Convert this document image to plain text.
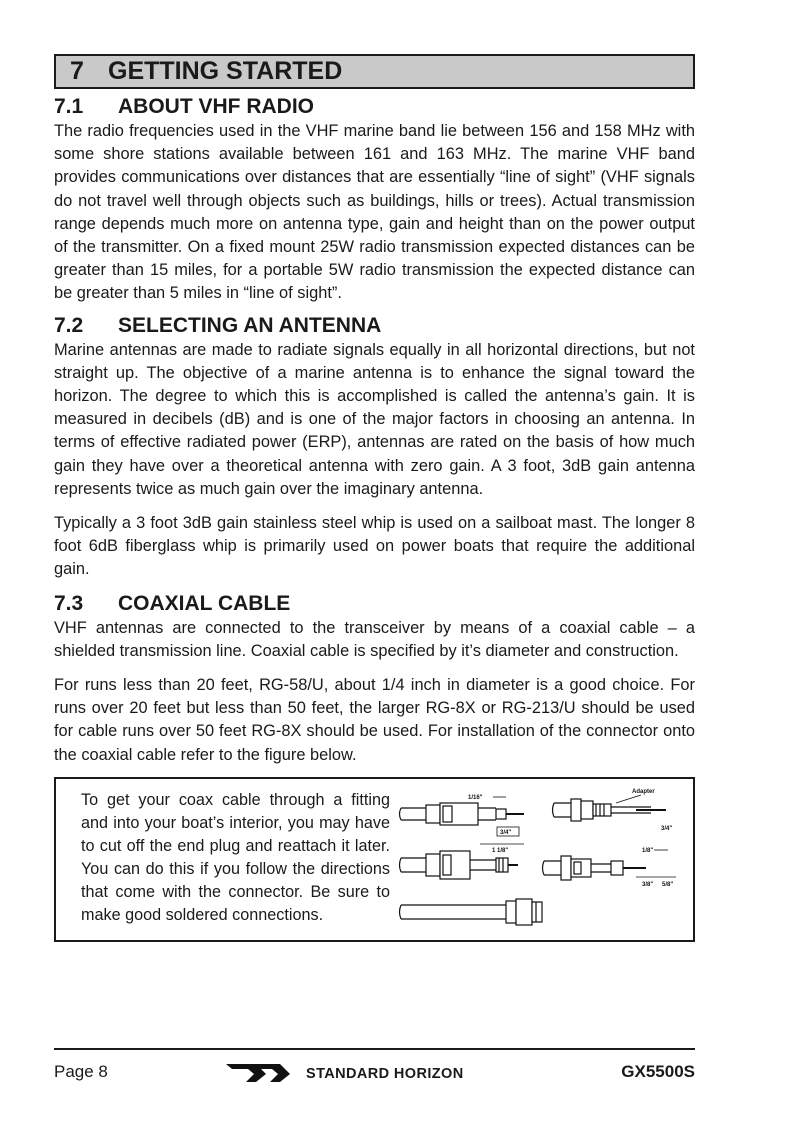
7 GETTING STARTED
7.1 ABOUT VHF RADIO

The radio frequencies used in the VHF marine band lie between 156 and 158 MHz with some shore stations available between 161 and 163 MHz. The marine VHF band provides communications over distances that are essentially “line of sight” (VHF signals do not travel well through objects such as buildings, hills or trees). Actual transmission range depends much more on antenna type, gain and height than on the power output of the transmitter. On a fixed mount 25W radio transmission expected distances can be greater than 15 miles, for a portable 5W radio transmission the expected distance can be greater than 5 miles in “line of sight”.

7.2 SELECTING AN ANTENNA

Marine antennas are made to radiate signals equally in all horizontal directions, but not straight up. The objective of a marine antenna is to enhance the signal toward the horizon. The degree to which this is accomplished is called the antenna’s gain. It is measured in decibels (dB) and is one of the major factors in choosing an antenna. In terms of effective radiated power (ERP), antennas are rated on the basis of how much gain they have over a theoretical antenna with zero gain. A 3 foot, 3dB gain antenna represents twice as much gain over the imaginary antenna.

Typically a 3 foot 3dB gain stainless steel whip is used on a sailboat mast. The longer 8 foot 6dB fiberglass whip is primarily used on power boats that require the additional gain.

7.3 COAXIAL CABLE

VHF antennas are connected to the transceiver by means of a coaxial cable – a shielded transmission line. Coaxial cable is specified by it’s diameter and construction.

For runs less than 20 feet, RG-58/U, about 1/4 inch in diameter is a good choice. For runs over 20 feet but less than 50 feet, the larger RG-8X or RG-213/U should be used for cable runs over 50 feet RG-8X should be used. For installation of the connector onto the coaxial cable refer to the figure below.

To get your coax cable through a fitting and into your boat’s interior, you may have to cut off the end plug and reattach it later. You can do this if you follow the directions that come with the connector. Be sure to make good soldered connections.

1/16"
3/4"
1 1/8"
Adapter
3/4"
1/8"
3/8" 5/8"
Page 8	STANDARD HORIZON	GX5500S
